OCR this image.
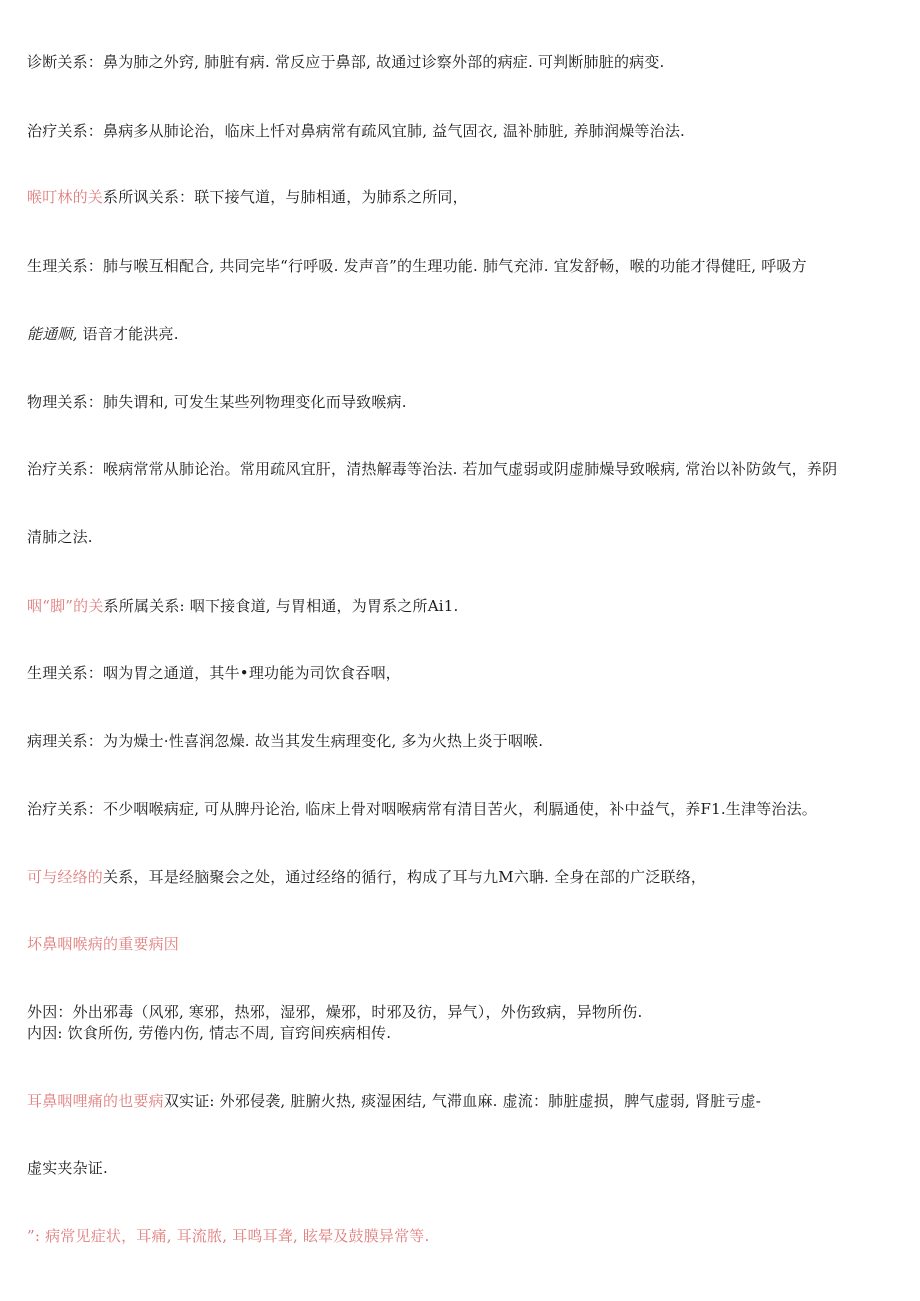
诊断关系：鼻为肺之外窍, 肺脏有病. 常反应于鼻部, 故通过诊察外部的病症. 可判断肺脏的病变.
治疗关系：鼻病多从肺论治，临床上忏对鼻病常有疏风宜肺, 益气固衣, 温补肺脏, 养肺润燥等治法.
喉叮林的关系所讽关系：联下接气道，与肺相通，为肺系之所同，
生理关系：肺与喉互相配合, 共同完毕“行呼吸. 发声音”的生理功能. 肺气充沛. 宜发舒畅，喉的功能才得健旺, 呼吸方
能通顺, 语音才能洪亮.
物理关系：肺失谓和, 可发生某些列物理变化而导致喉病.
治疗关系：喉病常常从肺论治。常用疏风宜肝，清热解毒等治法. 若加气虚弱或阴虚肺燥导致喉病, 常治以补防敛气，养阴
清肺之法.
咽“脚”的关系所属关系: 咽下接食道, 与胃相通，为胃系之所Ai1.
生理关系：咽为胃之通道，其牛•理功能为司饮食吞咽，
病理关系：为为燥士·性喜润忽燥. 故当其发生病理变化, 多为火热上炎于咽喉.
治疗关系：不少咽喉病症, 可从脾丹论治, 临床上骨对咽喉病常有清目苦火，利膈通使，补中益气，养F1.生津等治法。
可与经络的关系，耳是经脑聚会之处，通过经络的循行，构成了耳与九M六聃. 全身在部的广泛联络，
坏鼻咽喉病的重要病因
外因：外出邪毒（风邪, 寒邪，热邪，湿邪，燥邪，时邪及彷，异气），外伤致病，异物所伤.
内因: 饮食所伤, 劳倦内伤, 情志不周, 盲窍间疾病相传.
耳鼻咽哩痛的也要病双实证: 外邪侵袭, 脏腑火热, 痰湿困结, 气滞血麻. 虚流：肺脏虚损，脾气虚弱, 肾脏亏虚-
虚实夹杂证.
”: 病常见症状，耳痛, 耳流脓, 耳鸣耳聋, 眩晕及鼓膜异常等.
